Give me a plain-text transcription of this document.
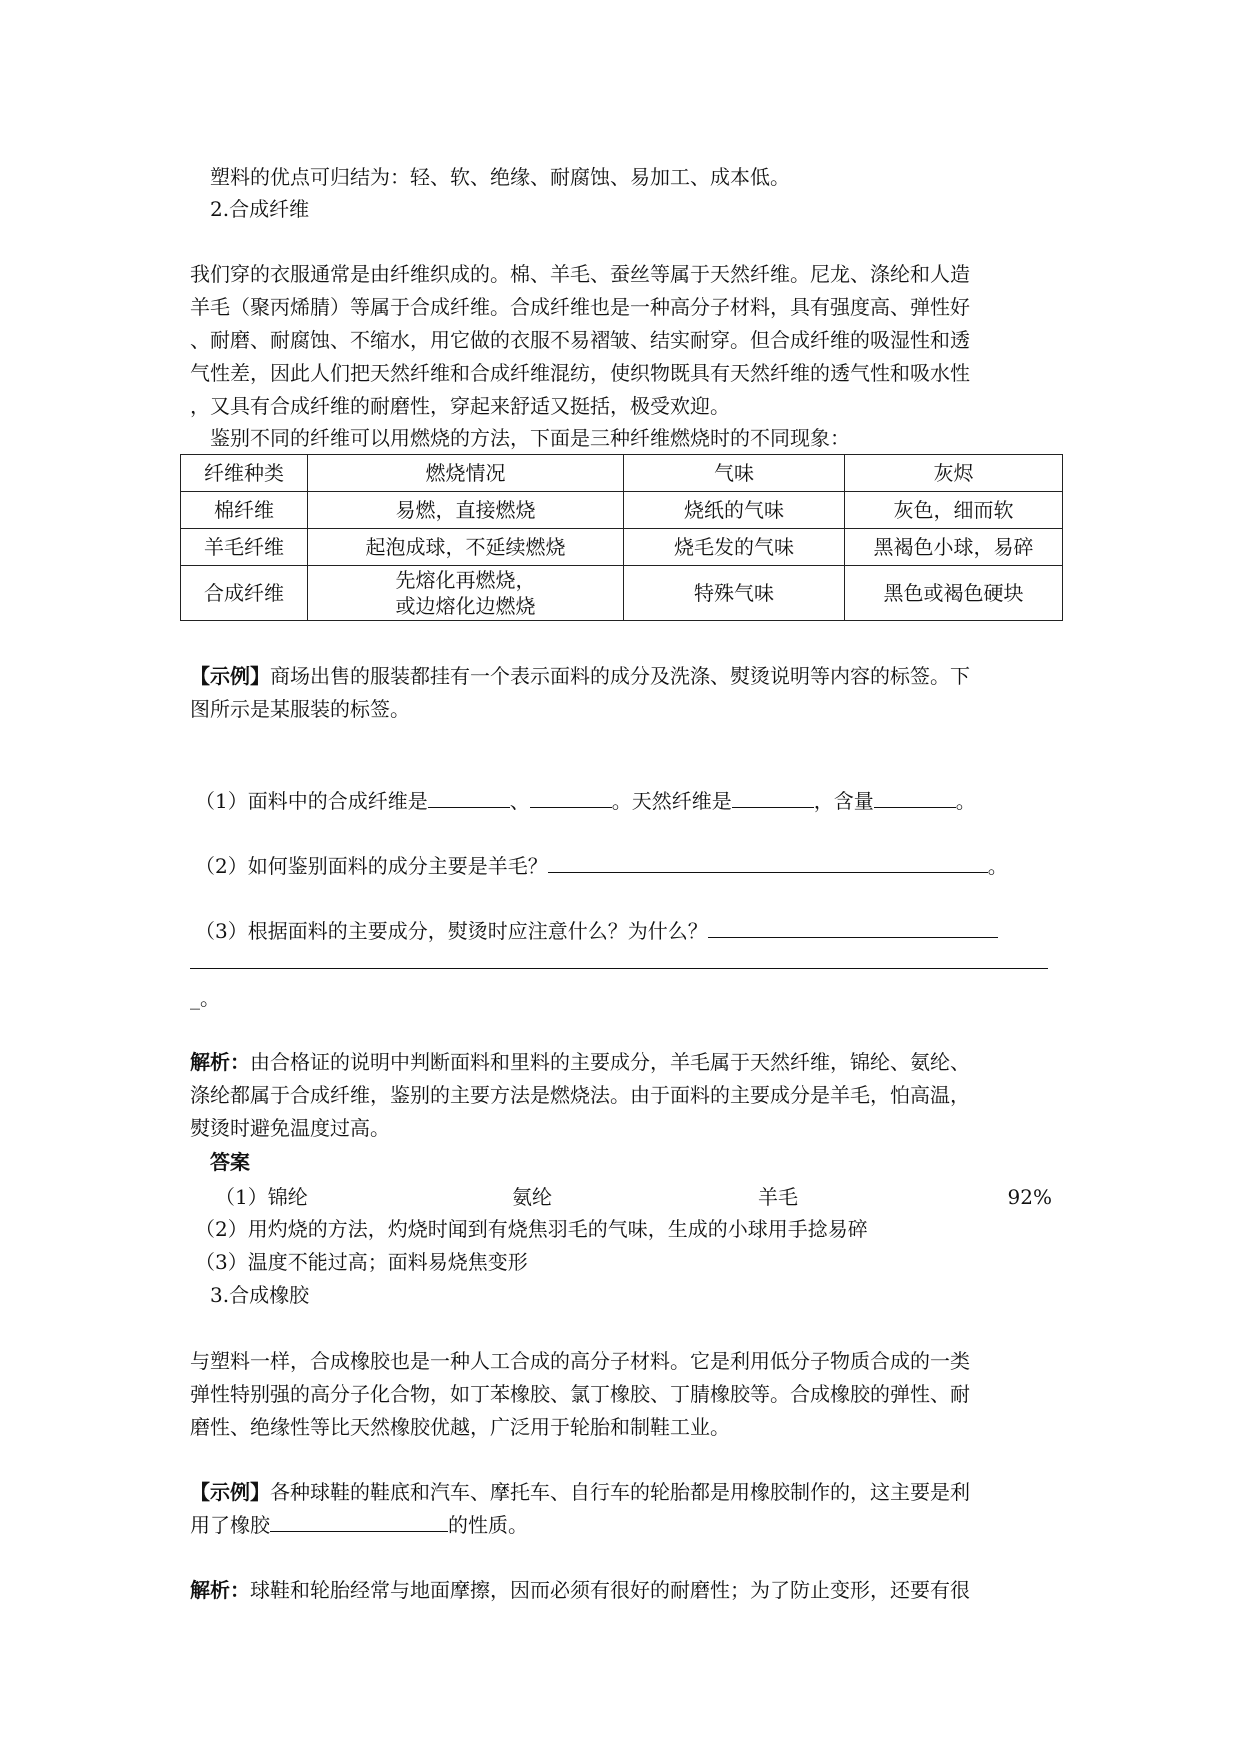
塑料的优点可归结为：轻、软、绝缘、耐腐蚀、易加工、成本低。
2.合成纤维
我们穿的衣服通常是由纤维织成的。棉、羊毛、蚕丝等属于天然纤维。尼龙、涤纶和人造
羊毛（聚丙烯腈）等属于合成纤维。合成纤维也是一种高分子材料，具有强度高、弹性好
、耐磨、耐腐蚀、不缩水，用它做的衣服不易褶皱、结实耐穿。但合成纤维的吸湿性和透
气性差，因此人们把天然纤维和合成纤维混纺，使织物既具有天然纤维的透气性和吸水性
，又具有合成纤维的耐磨性，穿起来舒适又挺括，极受欢迎。
鉴别不同的纤维可以用燃烧的方法，下面是三种纤维燃烧时的不同现象：
纤维种类	燃烧情况	气味	灰烬
棉纤维	易燃，直接燃烧	烧纸的气味	灰色，细而软
羊毛纤维	起泡成球，不延续燃烧	烧毛发的气味	黑褐色小球，易碎
合成纤维	先熔化再燃烧，
或边熔化边燃烧	特殊气味	黑色或褐色硬块
【示例】商场出售的服装都挂有一个表示面料的成分及洗涤、熨烫说明等内容的标签。下
图所示是某服装的标签。
（1）面料中的合成纤维是	、	。天然纤维是	，含量	。
（2）如何鉴别面料的成分主要是羊毛？	。
（3）根据面料的主要成分，熨烫时应注意什么？为什么？
_。
解析：由合格证的说明中判断面料和里料的主要成分，羊毛属于天然纤维，锦纶、氨纶、
涤纶都属于合成纤维，鉴别的主要方法是燃烧法。由于面料的主要成分是羊毛，怕高温，
熨烫时避免温度过高。
答案
（1）锦纶	氨纶	羊毛	92%
（2）用灼烧的方法，灼烧时闻到有烧焦羽毛的气味，生成的小球用手捻易碎
（3）温度不能过高；面料易烧焦变形
3.合成橡胶
与塑料一样，合成橡胶也是一种人工合成的高分子材料。它是利用低分子物质合成的一类
弹性特别强的高分子化合物，如丁苯橡胶、氯丁橡胶、丁腈橡胶等。合成橡胶的弹性、耐
磨性、绝缘性等比天然橡胶优越，广泛用于轮胎和制鞋工业。
【示例】各种球鞋的鞋底和汽车、摩托车、自行车的轮胎都是用橡胶制作的，这主要是利
用了橡胶	的性质。
解析：球鞋和轮胎经常与地面摩擦，因而必须有很好的耐磨性；为了防止变形，还要有很
